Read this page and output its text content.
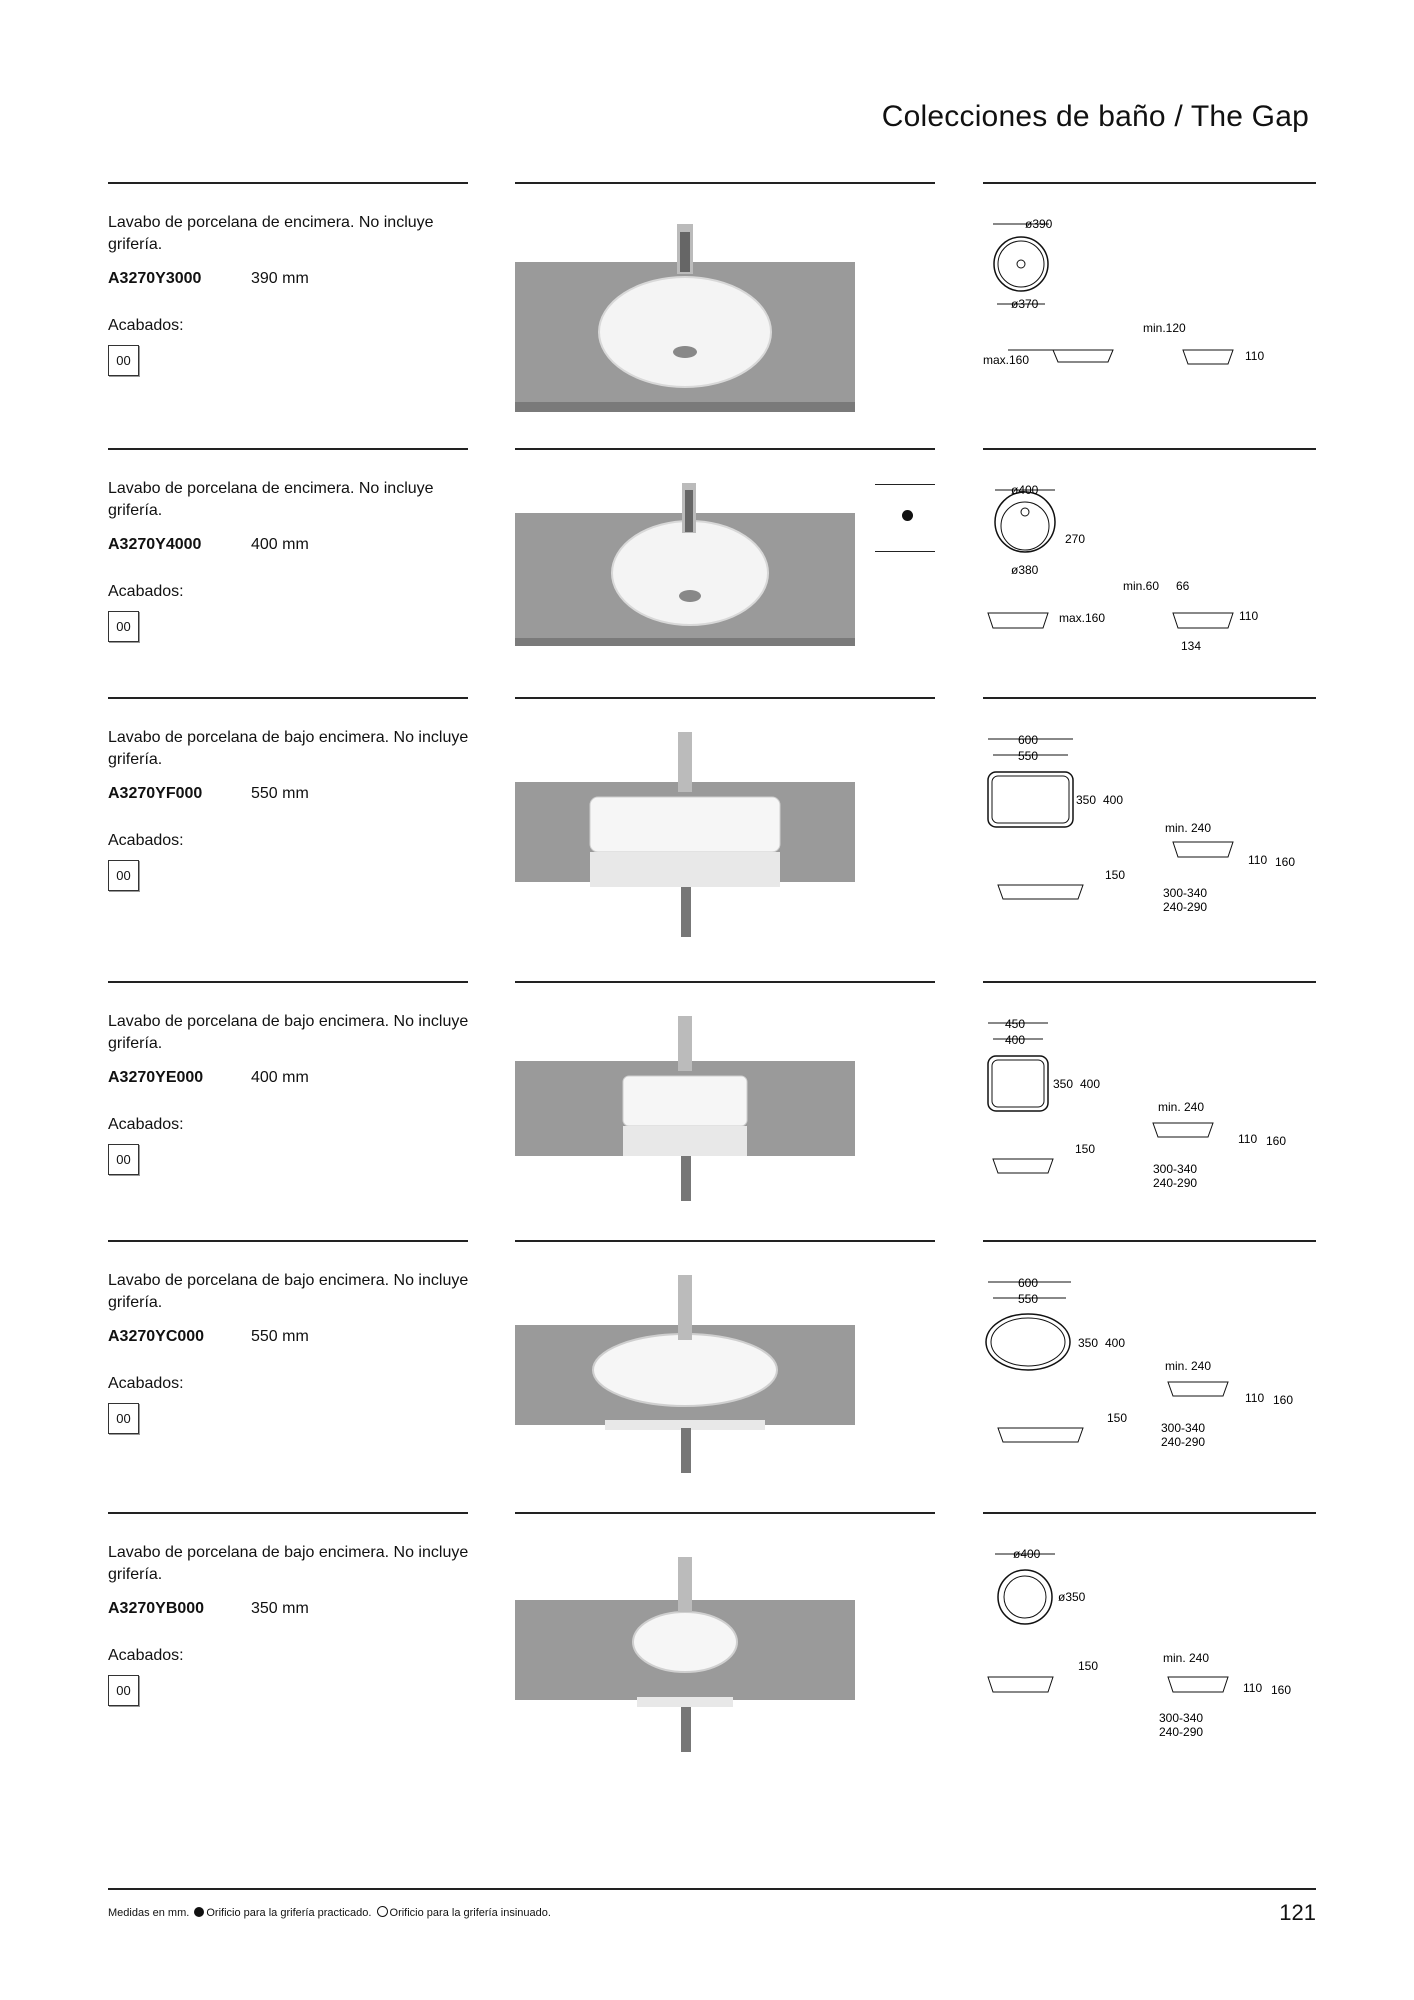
Colecciones de baño / The Gap
Lavabo de porcelana de encimera. No incluye grifería.
A3270Y3000	390 mm
Acabados:
00
ø390
ø370
max.160
min.120
110
Lavabo de porcelana de encimera. No incluye grifería.
A3270Y4000	400 mm
Acabados:
00
ø400
270
ø380
max.160
min.60 66
110
134
Lavabo de porcelana de bajo encimera. No incluye grifería.
A3270YF000	550 mm
Acabados:
00
600
550
350 400
150
min. 240
110 160
300-340
240-290
Lavabo de porcelana de bajo encimera. No incluye grifería.
A3270YE000	400 mm
Acabados:
00
450
400
350 400
150
min. 240
110 160
300-340
240-290
Lavabo de porcelana de bajo encimera. No incluye grifería.
A3270YC000	550 mm
Acabados:
00
600
550
350 400
150
min. 240
110 160
300-340
240-290
Lavabo de porcelana de bajo encimera. No incluye grifería.
A3270YB000	350 mm
Acabados:
00
ø400
ø350
150
min. 240
110 160
300-340
240-290
Medidas en mm. Orificio para la grifería practicado. Orificio para la grifería insinuado.	121
